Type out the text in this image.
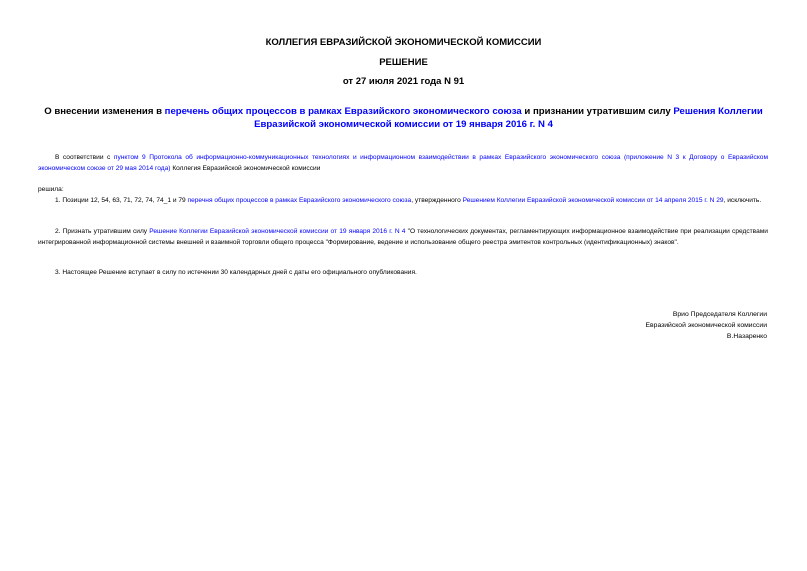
КОЛЛЕГИЯ ЕВРАЗИЙСКОЙ ЭКОНОМИЧЕСКОЙ КОМИССИИ
РЕШЕНИЕ
от 27 июля 2021 года N 91
О внесении изменения в перечень общих процессов в рамках Евразийского экономического союза и признании утратившим силу Решения Коллегии Евразийской экономической комиссии от 19 января 2016 г. N 4
В соответствии с пунктом 9 Протокола об информационно-коммуникационных технологиях и информационном взаимодействии в рамках Евразийского экономического союза (приложение N 3 к Договору о Евразийском экономическом союзе от 29 мая 2014 года) Коллегия Евразийской экономической комиссии
решила:
1. Позиции 12, 54, 63, 71, 72, 74, 74_1 и 79 перечня общих процессов в рамках Евразийского экономического союза, утвержденного Решением Коллегии Евразийской экономической комиссии от 14 апреля 2015 г. N 29, исключить.
2. Признать утратившим силу Решение Коллегии Евразийской экономической комиссии от 19 января 2016 г. N 4 "О технологических документах, регламентирующих информационное взаимодействие при реализации средствами интегрированной информационной системы внешней и взаимной торговли общего процесса "Формирование, ведение и использование общего реестра эмитентов контрольных (идентификационных) знаков".
3. Настоящее Решение вступает в силу по истечении 30 календарных дней с даты его официального опубликования.
Врио Председателя Коллегии
Евразийской экономической комиссии
В.Назаренко
